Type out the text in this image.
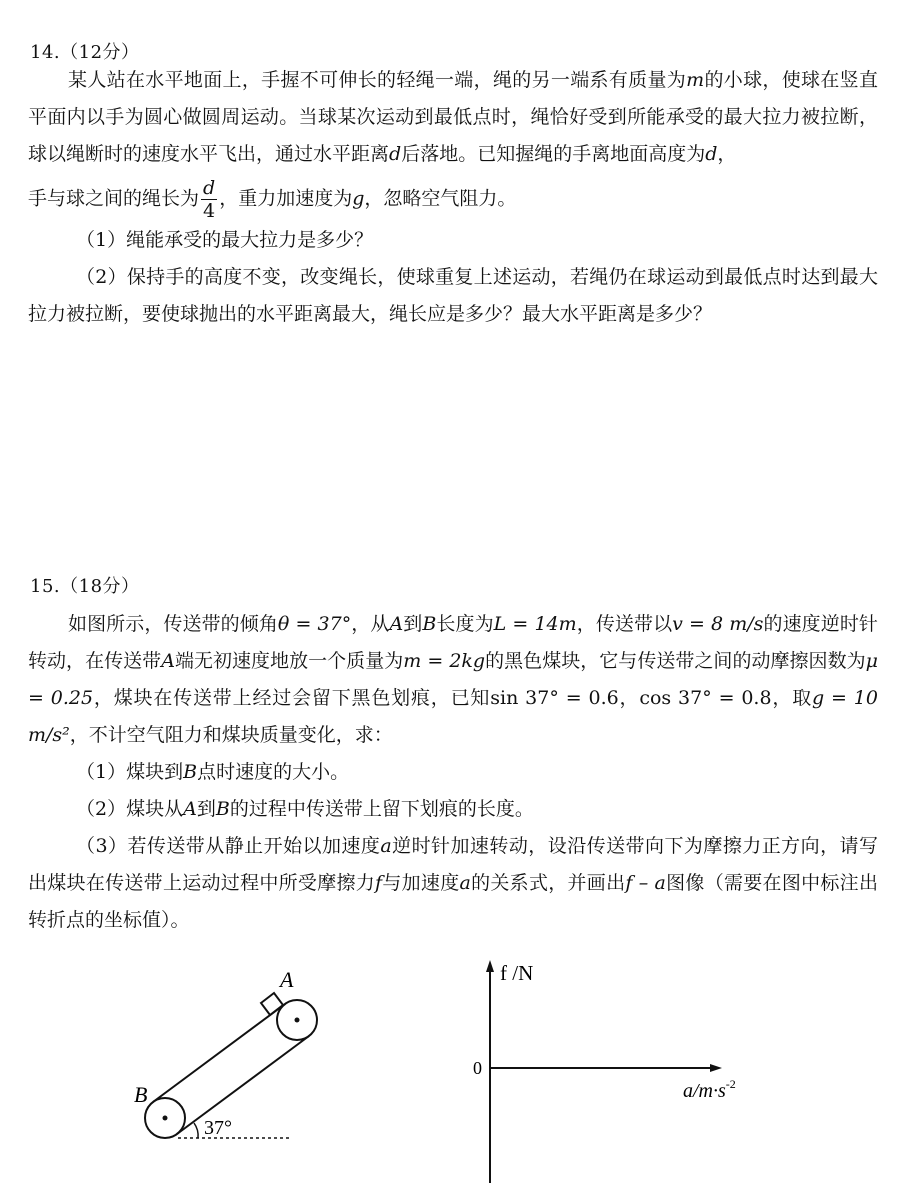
14.（12分）

某人站在水平地面上，手握不可伸长的轻绳一端，绳的另一端系有质量为m的小球，使球在竖直平面内以手为圆心做圆周运动。当球某次运动到最低点时，绳恰好受到所能承受的最大拉力被拉断，球以绳断时的速度水平飞出，通过水平距离d后落地。已知握绳的手离地面高度为d，

手与球之间的绳长为 $\frac{d}{4}$ ，重力加速度为g，忽略空气阻力。

（1）绳能承受的最大拉力是多少？

（2）保持手的高度不变，改变绳长，使球重复上述运动，若绳仍在球运动到最低点时达到最大拉力被拉断，要使球抛出的水平距离最大，绳长应是多少？最大水平距离是多少？

15.（18分）

如图所示，传送带的倾角θ = 37°，从A到B长度为L = 14m，传送带以v = 8 m/s的速度逆时针转动，在传送带A端无初速度地放一个质量为m = 2kg的黑色煤块，它与传送带之间的动摩擦因数为μ = 0.25，煤块在传送带上经过会留下黑色划痕，已知sin 37° = 0.6，cos 37° = 0.8，取g = 10 m/s²，不计空气阻力和煤块质量变化，求：

（1）煤块到B点时速度的大小。

（2）煤块从A到B的过程中传送带上留下划痕的长度。

（3）若传送带从静止开始以加速度a逆时针加速转动，设沿传送带向下为摩擦力正方向，请写出煤块在传送带上运动过程中所受摩擦力f与加速度a的关系式，并画出f – a图像（需要在图中标注出转折点的坐标值）。

A
B
37°
f /N
0
$a/m\cdot s^{-2}$
